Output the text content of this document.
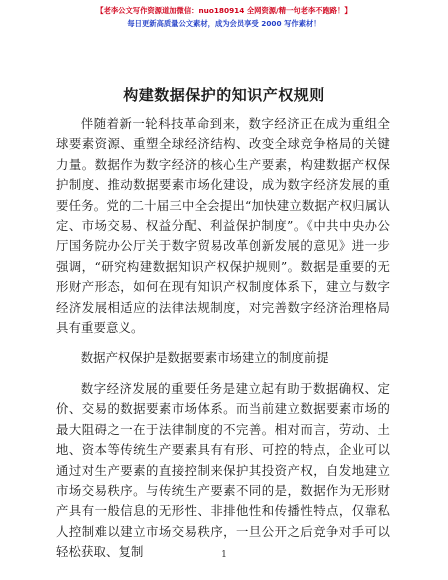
【老李公文写作资源道加微信：nuo180914 全网资源/精一句老李不跑路！】
每日更新高质量公文素材，成为会员享受 2000 写作素材！
构建数据保护的知识产权规则

伴随着新一轮科技革命到来，数字经济正在成为重组全球要素资源、重塑全球经济结构、改变全球竞争格局的关键力量。数据作为数字经济的核心生产要素，构建数据产权保护制度、推动数据要素市场化建设，成为数字经济发展的重要任务。党的二十届三中全会提出“加快建立数据产权归属认定、市场交易、权益分配、利益保护制度”。《中共中央办公厅国务院办公厅关于数字贸易改革创新发展的意见》进一步强调，“研究构建数据知识产权保护规则”。数据是重要的无形财产形态，如何在现有知识产权制度体系下，建立与数字经济发展相适应的法律法规制度，对完善数字经济治理格局具有重要意义。

数据产权保护是数据要素市场建立的制度前提

数字经济发展的重要任务是建立起有助于数据确权、定价、交易的数据要素市场体系。而当前建立数据要素市场的最大阻碍之一在于法律制度的不完善。相对而言，劳动、土地、资本等传统生产要素具有有形、可控的特点，企业可以通过对生产要素的直接控制来保护其投资产权，自发地建立市场交易秩序。与传统生产要素不同的是，数据作为无形财产具有一般信息的无形性、非排他性和传播性特点，仅靠私人控制难以建立市场交易秩序，一旦公开之后竞争对手可以轻松获取、复制	1
